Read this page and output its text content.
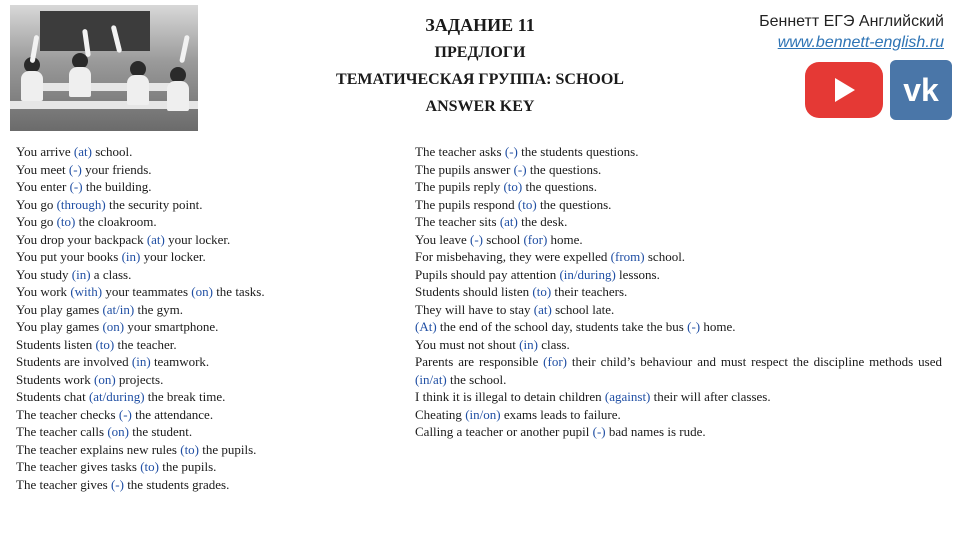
ЗАДАНИЕ 11
ПРЕДЛОГИ
ТЕМАТИЧЕСКАЯ ГРУППА: SCHOOL
ANSWER KEY
Беннетт ЕГЭ Английский
www.bennett-english.ru
vk
You arrive (at) school.
You meet (-) your friends.
You enter (-) the building.
You go (through) the security point.
You go (to) the cloakroom.
You drop your backpack (at) your locker.
You put your books (in) your locker.
You study (in) a class.
You work (with) your teammates (on) the tasks.
You play games (at/in) the gym.
You play games (on) your smartphone.
Students listen (to) the teacher.
Students are involved (in) teamwork.
Students work (on) projects.
Students chat (at/during) the break time.
The teacher checks (-) the attendance.
The teacher calls (on) the student.
The teacher explains new rules (to) the pupils.
The teacher gives tasks (to) the pupils.
The teacher gives (-) the students grades.
The teacher asks (-) the students questions.
The pupils answer (-) the questions.
The pupils reply (to) the questions.
The pupils respond (to) the questions.
The teacher sits (at) the desk.
You leave (-) school (for) home.
For misbehaving, they were expelled (from) school.
Pupils should pay attention (in/during) lessons.
Students should listen (to) their teachers.
They will have to stay (at) school late.
(At) the end of the school day, students take the bus (-) home.
You must not shout (in) class.
Parents are responsible (for) their child’s behaviour and must respect the discipline methods used (in/at) the school.
I think it is illegal to detain children (against) their will after classes.
Cheating (in/on) exams leads to failure.
Calling a teacher or another pupil (-) bad names is rude.
